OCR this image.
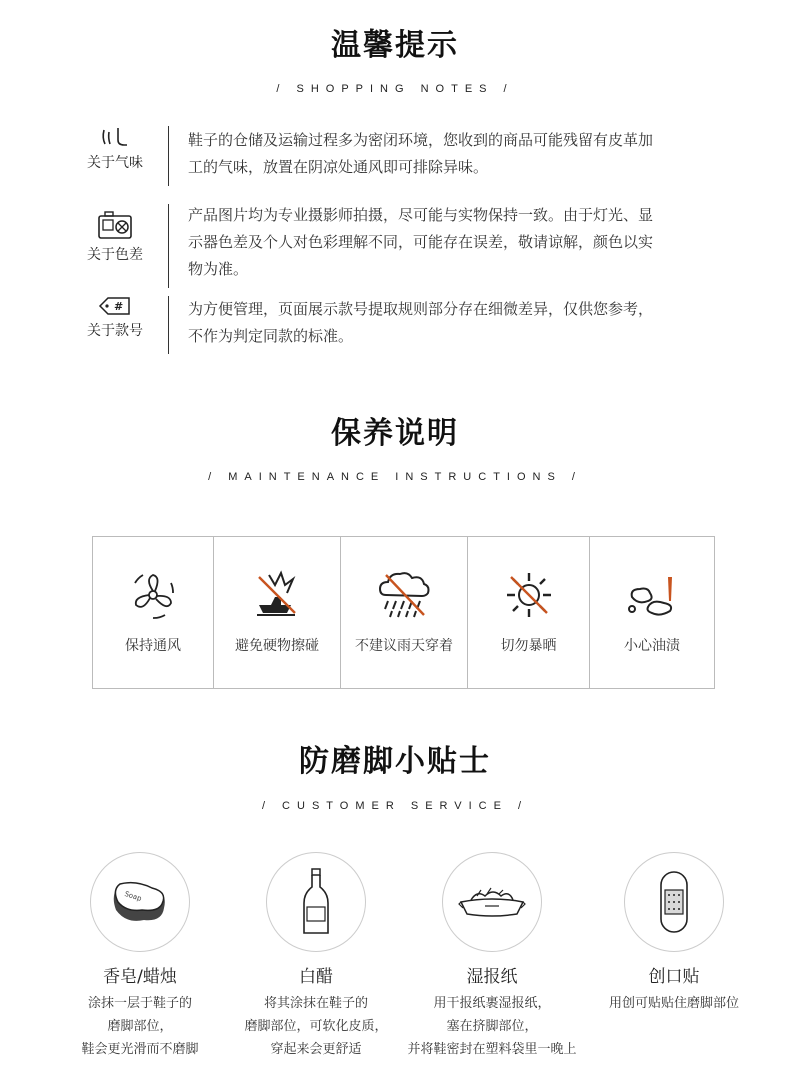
温馨提示
/ SHOPPING NOTES /
关于气味
鞋子的仓储及运输过程多为密闭环境，您收到的商品可能残留有皮革加
工的气味，放置在阴凉处通风即可排除异味。
关于色差
产品图片均为专业摄影师拍摄，尽可能与实物保持一致。由于灯光、显
示器色差及个人对色彩理解不同，可能存在误差，敬请谅解，颜色以实
物为准。
#
关于款号
为方便管理，页面展示款号提取规则部分存在细微差异，仅供您参考，
不作为判定同款的标准。
保养说明
/ MAINTENANCE INSTRUCTIONS /
保持通风	避免硬物擦碰	不建议雨天穿着	切勿暴晒	小心油渍
防磨脚小贴士
/ CUSTOMER SERVICE /
Soap
香皂/蜡烛
涂抹一层于鞋子的
磨脚部位，
鞋会更光滑而不磨脚
白醋
将其涂抹在鞋子的
磨脚部位，可软化皮质，
穿起来会更舒适
湿报纸
用干报纸裹湿报纸，
塞在挤脚部位，
并将鞋密封在塑料袋里一晚上
创口贴
用创可贴贴住磨脚部位
